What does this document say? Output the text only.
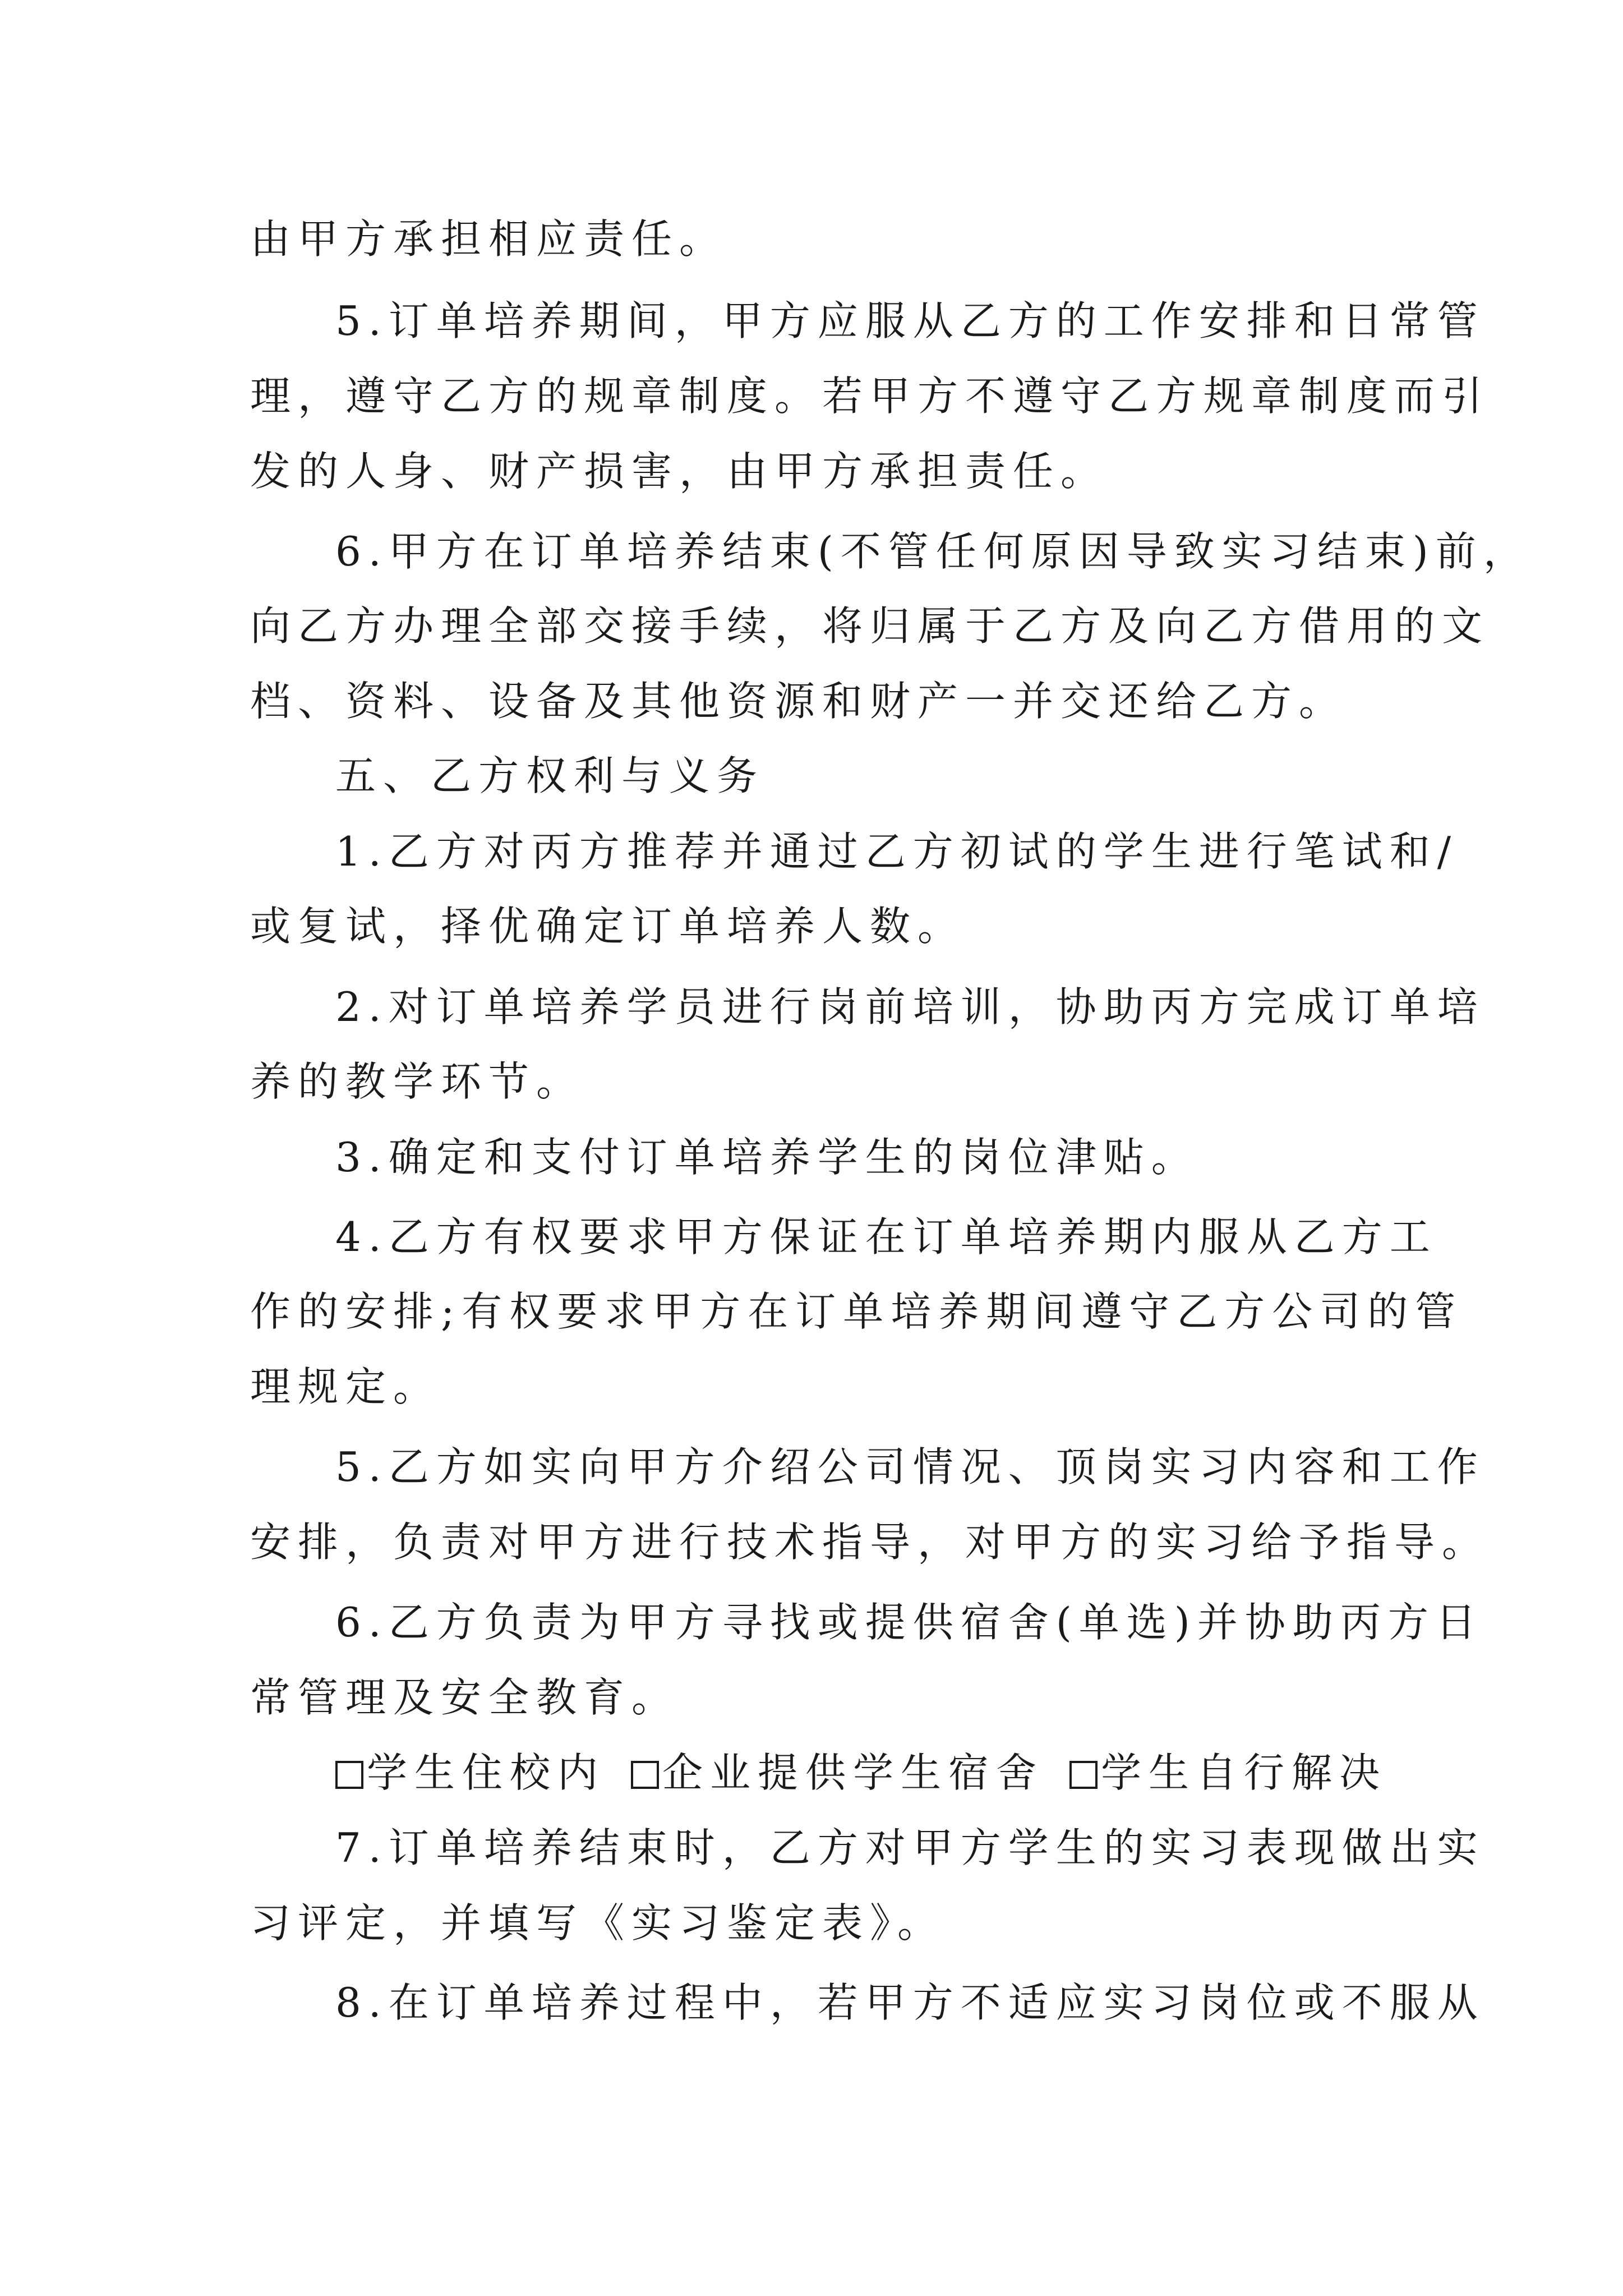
由甲方承担相应责任。
5.订单培养期间，甲方应服从乙方的工作安排和日常管
理，遵守乙方的规章制度。若甲方不遵守乙方规章制度而引
发的人身、财产损害，由甲方承担责任。
6.甲方在订单培养结束(不管任何原因导致实习结束)前，
向乙方办理全部交接手续，将归属于乙方及向乙方借用的文
档、资料、设备及其他资源和财产一并交还给乙方。
五、乙方权利与义务
1.乙方对丙方推荐并通过乙方初试的学生进行笔试和/
或复试，择优确定订单培养人数。
2.对订单培养学员进行岗前培训，协助丙方完成订单培
养的教学环节。
3.确定和支付订单培养学生的岗位津贴。
4.乙方有权要求甲方保证在订单培养期内服从乙方工
作的安排;有权要求甲方在订单培养期间遵守乙方公司的管
理规定。
5.乙方如实向甲方介绍公司情况、顶岗实习内容和工作
安排，负责对甲方进行技术指导，对甲方的实习给予指导。
6.乙方负责为甲方寻找或提供宿舍(单选)并协助丙方日
常管理及安全教育。
学生住校内 企业提供学生宿舍 学生自行解决
7.订单培养结束时，乙方对甲方学生的实习表现做出实
习评定，并填写《实习鉴定表》。
8.在订单培养过程中，若甲方不适应实习岗位或不服从
